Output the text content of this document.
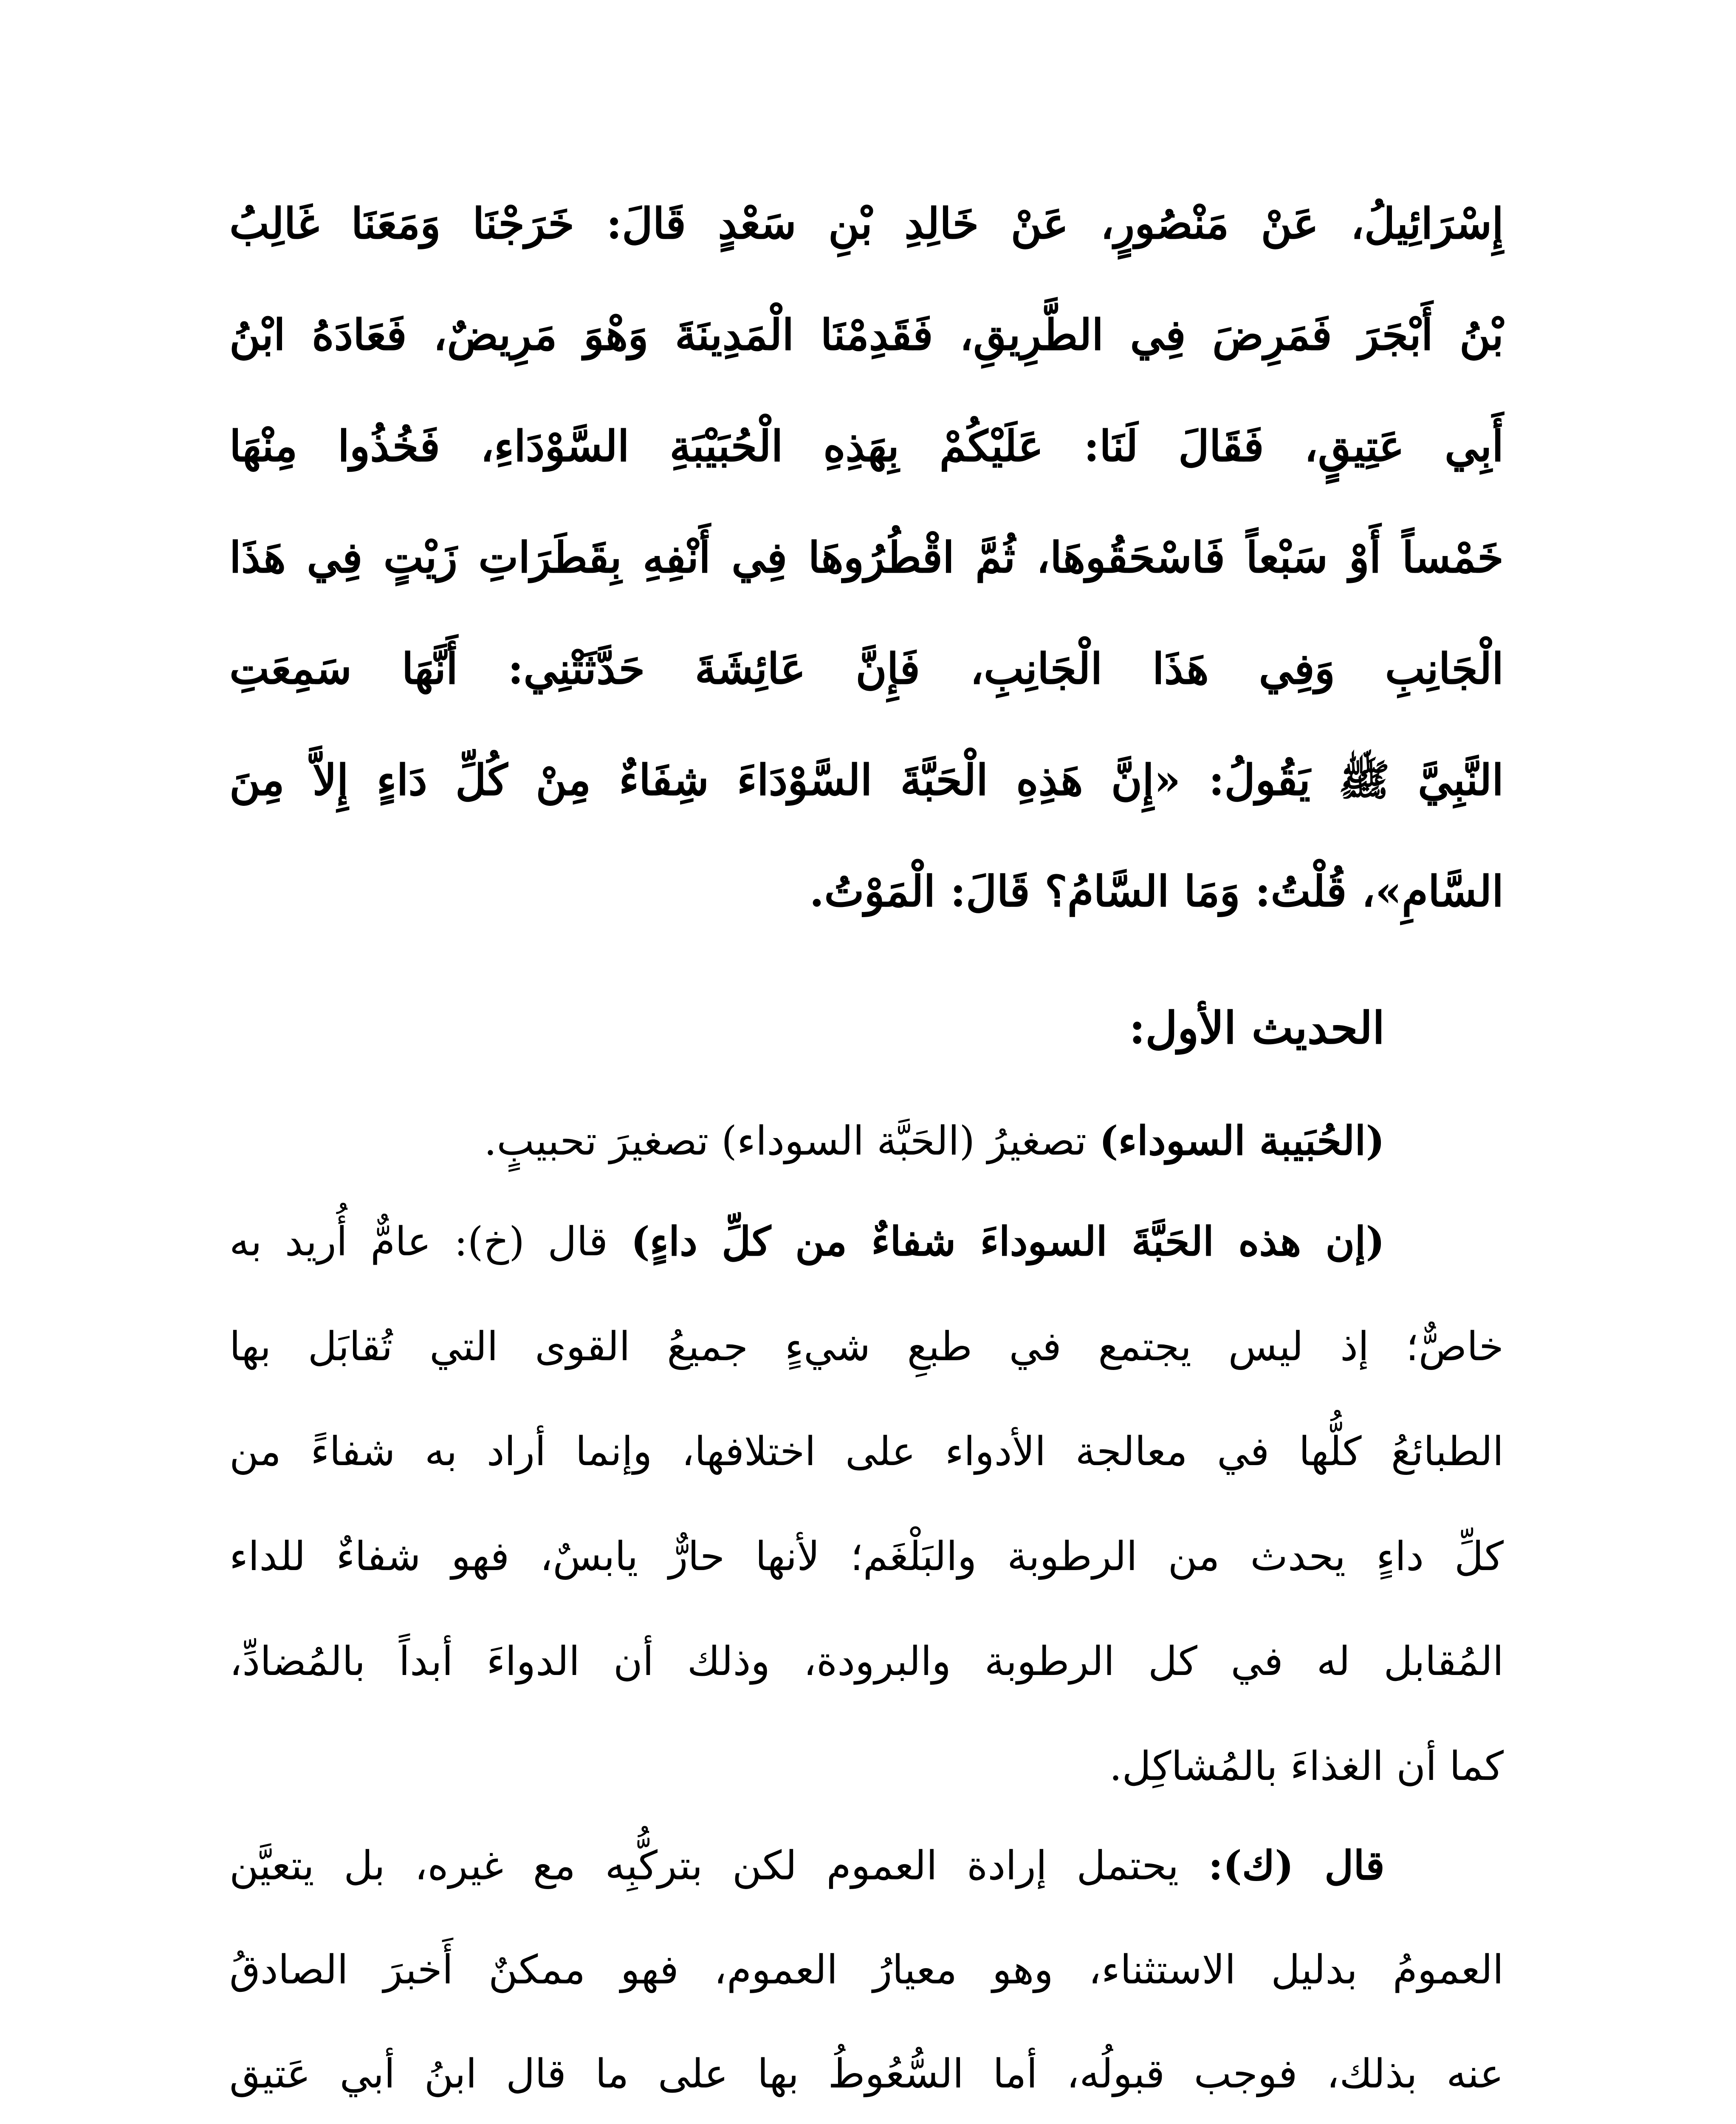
إِسْرَائِيلُ، عَنْ مَنْصُورٍ، عَنْ خَالِدِ بْنِ سَعْدٍ قَالَ: خَرَجْنَا وَمَعَنَا غَالِبُ
بْنُ أَبْجَرَ فَمَرِضَ فِي الطَّرِيقِ، فَقَدِمْنَا الْمَدِينَةَ وَهْوَ مَرِيضٌ، فَعَادَهُ ابْنُ
أَبِي عَتِيقٍ، فَقَالَ لَنَا: عَلَيْكُمْ بِهَذِهِ الْحُبَيْبَةِ السَّوْدَاءِ، فَخُذُوا مِنْهَا
خَمْساً أَوْ سَبْعاً فَاسْحَقُوهَا، ثُمَّ اقْطُرُوهَا فِي أَنْفِهِ بِقَطَرَاتِ زَيْتٍ فِي هَذَا
الْجَانِبِ وَفِي هَذَا الْجَانِبِ، فَإِنَّ عَائِشَةَ حَدَّثَتْنِي: أَنَّهَا سَمِعَتِ
النَّبِيَّ ﷺ يَقُولُ: «إِنَّ هَذِهِ الْحَبَّةَ السَّوْدَاءَ شِفَاءٌ مِنْ كُلِّ دَاءٍ إِلاَّ مِنَ
السَّامِ»، قُلْتُ: وَمَا السَّامُ؟ قَالَ: الْمَوْتُ.
الحديث الأول:
(الحُبَيبة السوداء) تصغيرُ (الحَبَّة السوداء) تصغيرَ تحبيبٍ.
(إن هذه الحَبَّةَ السوداءَ شفاءٌ من كلِّ داءٍ) قال (خ): عامٌّ أُريد به
خاصٌّ؛ إذ ليس يجتمع في طبعِ شيءٍ جميعُ القوى التي تُقابَل بها
الطبائعُ كلُّها في معالجة الأدواء على اختلافها، وإنما أراد به شفاءً من
كلِّ داءٍ يحدث من الرطوبة والبَلْغَم؛ لأنها حارٌّ يابسٌ، فهو شفاءٌ للداء
المُقابل له في كل الرطوبة والبرودة، وذلك أن الدواءَ أبداً بالمُضادِّ،
كما أن الغذاءَ بالمُشاكِل.
قال (ك): يحتمل إرادة العموم لكن بتركُّبِه مع غيره، بل يتعيَّن
العمومُ بدليل الاستثناء، وهو معيارُ العموم، فهو ممكنٌ أَخبرَ الصادقُ
عنه بذلك، فوجب قبولُه، أما السُّعُوطُ بها على ما قال ابنُ أبي عَتيق
